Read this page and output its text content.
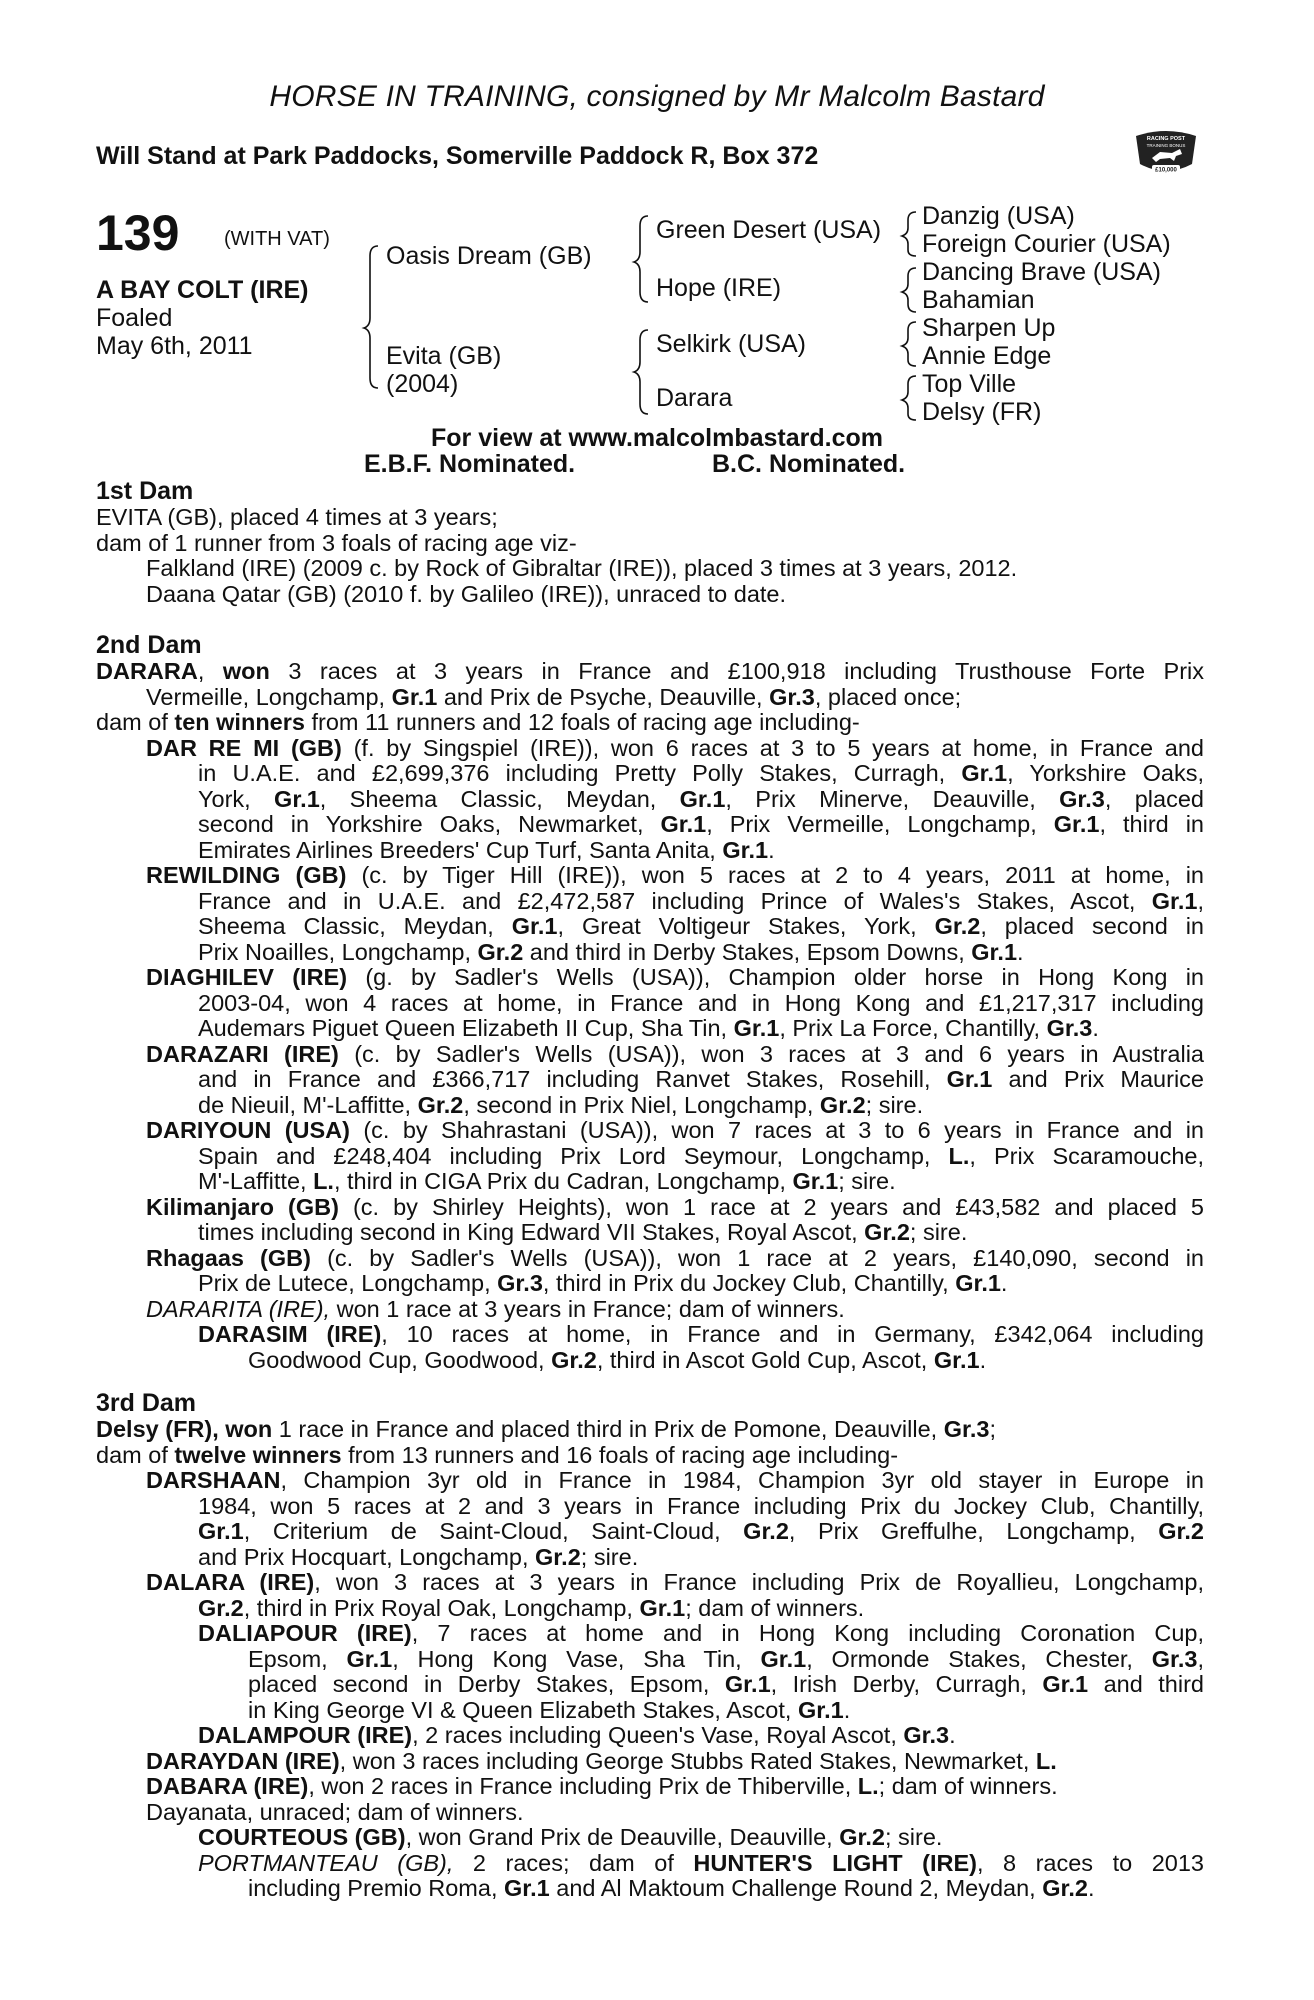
HORSE IN TRAINING, consigned by Mr Malcolm Bastard
Will Stand at Park Paddocks, Somerville Paddock R, Box 372
RACING POST
TRAINING BONUS
£10,000
139 (WITH VAT)
A BAY COLT (IRE)
Foaled
May 6th, 2011
Oasis Dream (GB)
Evita (GB)
(2004)
Green Desert (USA)
Hope (IRE)
Selkirk (USA)
Darara
Danzig (USA)
Foreign Courier (USA)
Dancing Brave (USA)
Bahamian
Sharpen Up
Annie Edge
Top Ville
Delsy (FR)
For view at www.malcolmbastard.com
E.B.F. Nominated.	B.C. Nominated.
1st Dam
EVITA (GB), placed 4 times at 3 years;
dam of 1 runner from 3 foals of racing age viz-
Falkland (IRE) (2009 c. by Rock of Gibraltar (IRE)), placed 3 times at 3 years, 2012.
Daana Qatar (GB) (2010 f. by Galileo (IRE)), unraced to date.
2nd Dam
DARARA, won 3 races at 3 years in France and £100,918 including Trusthouse Forte Prix
Vermeille, Longchamp, Gr.1 and Prix de Psyche, Deauville, Gr.3, placed once;
dam of ten winners from 11 runners and 12 foals of racing age including-
DAR RE MI (GB) (f. by Singspiel (IRE)), won 6 races at 3 to 5 years at home, in France and
in U.A.E. and £2,699,376 including Pretty Polly Stakes, Curragh, Gr.1, Yorkshire Oaks,
York, Gr.1, Sheema Classic, Meydan, Gr.1, Prix Minerve, Deauville, Gr.3, placed
second in Yorkshire Oaks, Newmarket, Gr.1, Prix Vermeille, Longchamp, Gr.1, third in
Emirates Airlines Breeders' Cup Turf, Santa Anita, Gr.1.
REWILDING (GB) (c. by Tiger Hill (IRE)), won 5 races at 2 to 4 years, 2011 at home, in
France and in U.A.E. and £2,472,587 including Prince of Wales's Stakes, Ascot, Gr.1,
Sheema Classic, Meydan, Gr.1, Great Voltigeur Stakes, York, Gr.2, placed second in
Prix Noailles, Longchamp, Gr.2 and third in Derby Stakes, Epsom Downs, Gr.1.
DIAGHILEV (IRE) (g. by Sadler's Wells (USA)), Champion older horse in Hong Kong in
2003-04, won 4 races at home, in France and in Hong Kong and £1,217,317 including
Audemars Piguet Queen Elizabeth II Cup, Sha Tin, Gr.1, Prix La Force, Chantilly, Gr.3.
DARAZARI (IRE) (c. by Sadler's Wells (USA)), won 3 races at 3 and 6 years in Australia
and in France and £366,717 including Ranvet Stakes, Rosehill, Gr.1 and Prix Maurice
de Nieuil, M'-Laffitte, Gr.2, second in Prix Niel, Longchamp, Gr.2; sire.
DARIYOUN (USA) (c. by Shahrastani (USA)), won 7 races at 3 to 6 years in France and in
Spain and £248,404 including Prix Lord Seymour, Longchamp, L., Prix Scaramouche,
M'-Laffitte, L., third in CIGA Prix du Cadran, Longchamp, Gr.1; sire.
Kilimanjaro (GB) (c. by Shirley Heights), won 1 race at 2 years and £43,582 and placed 5
times including second in King Edward VII Stakes, Royal Ascot, Gr.2; sire.
Rhagaas (GB) (c. by Sadler's Wells (USA)), won 1 race at 2 years, £140,090, second in
Prix de Lutece, Longchamp, Gr.3, third in Prix du Jockey Club, Chantilly, Gr.1.
DARARITA (IRE), won 1 race at 3 years in France; dam of winners.
DARASIM (IRE), 10 races at home, in France and in Germany, £342,064 including
Goodwood Cup, Goodwood, Gr.2, third in Ascot Gold Cup, Ascot, Gr.1.
3rd Dam
Delsy (FR), won 1 race in France and placed third in Prix de Pomone, Deauville, Gr.3;
dam of twelve winners from 13 runners and 16 foals of racing age including-
DARSHAAN, Champion 3yr old in France in 1984, Champion 3yr old stayer in Europe in
1984, won 5 races at 2 and 3 years in France including Prix du Jockey Club, Chantilly,
Gr.1, Criterium de Saint-Cloud, Saint-Cloud, Gr.2, Prix Greffulhe, Longchamp, Gr.2
and Prix Hocquart, Longchamp, Gr.2; sire.
DALARA (IRE), won 3 races at 3 years in France including Prix de Royallieu, Longchamp,
Gr.2, third in Prix Royal Oak, Longchamp, Gr.1; dam of winners.
DALIAPOUR (IRE), 7 races at home and in Hong Kong including Coronation Cup,
Epsom, Gr.1, Hong Kong Vase, Sha Tin, Gr.1, Ormonde Stakes, Chester, Gr.3,
placed second in Derby Stakes, Epsom, Gr.1, Irish Derby, Curragh, Gr.1 and third
in King George VI & Queen Elizabeth Stakes, Ascot, Gr.1.
DALAMPOUR (IRE), 2 races including Queen's Vase, Royal Ascot, Gr.3.
DARAYDAN (IRE), won 3 races including George Stubbs Rated Stakes, Newmarket, L.
DABARA (IRE), won 2 races in France including Prix de Thiberville, L.; dam of winners.
Dayanata, unraced; dam of winners.
COURTEOUS (GB), won Grand Prix de Deauville, Deauville, Gr.2; sire.
PORTMANTEAU (GB), 2 races; dam of HUNTER'S LIGHT (IRE), 8 races to 2013
including Premio Roma, Gr.1 and Al Maktoum Challenge Round 2, Meydan, Gr.2.
